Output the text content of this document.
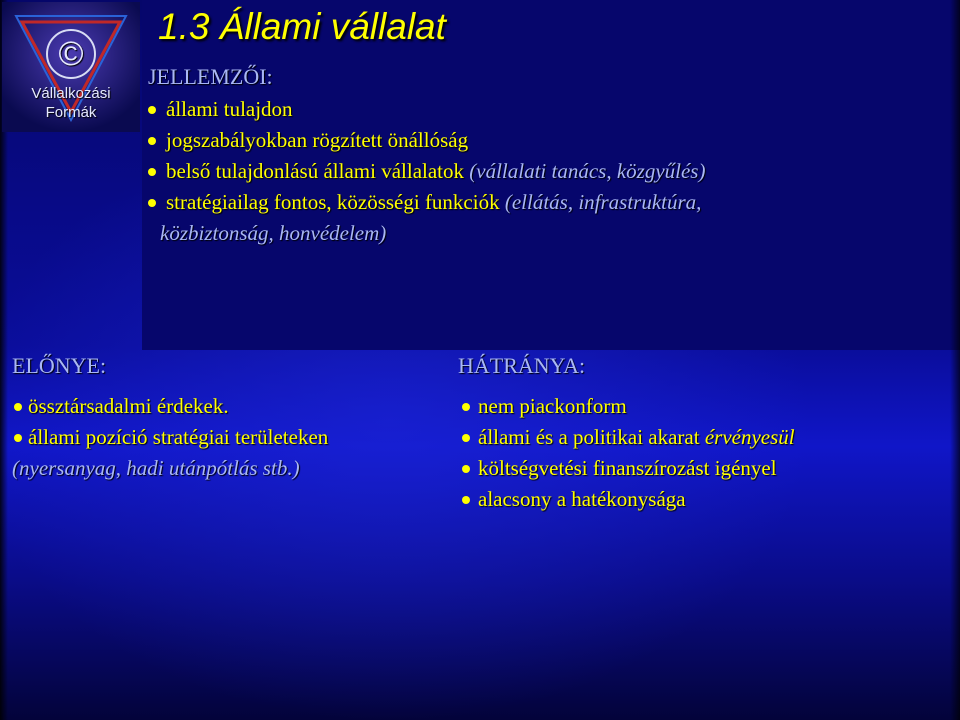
©
Vállalkozási
Formák
1.3 Állami vállalat
JELLEMZŐI:
állami tulajdon
jogszabályokban rögzített önállóság
belső tulajdonlású állami vállalatok (vállalati tanács, közgyűlés)
stratégiailag fontos, közösségi funkciók (ellátás, infrastruktúra,
közbiztonság, honvédelem)
ELŐNYE:
össztársadalmi érdekek.
állami pozíció stratégiai területeken
(nyersanyag, hadi utánpótlás stb.)
HÁTRÁNYA:
nem piackonform
állami és a politikai akarat érvényesül
költségvetési finanszírozást igényel
alacsony a hatékonysága
